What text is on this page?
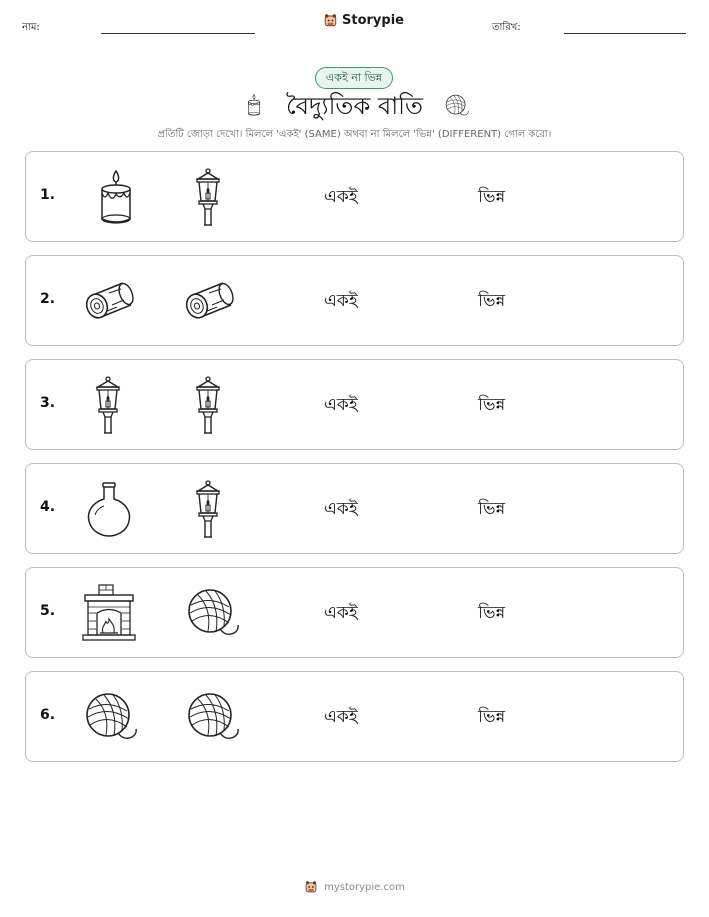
নাম:	Storypie	তারিখ:
একই না ভিন্ন
বৈদ্যুতিক বাতি
প্রতিটি জোড়া দেখো। মিললে 'একই' (SAME) অথবা না মিললে 'ভিন্ন' (DIFFERENT) গোল করো।
1.	একই	ভিন্ন
2.	একই	ভিন্ন
3.	একই	ভিন্ন
4.	একই	ভিন্ন
5.	একই	ভিন্ন
6.	একই	ভিন্ন
mystorypie.com
